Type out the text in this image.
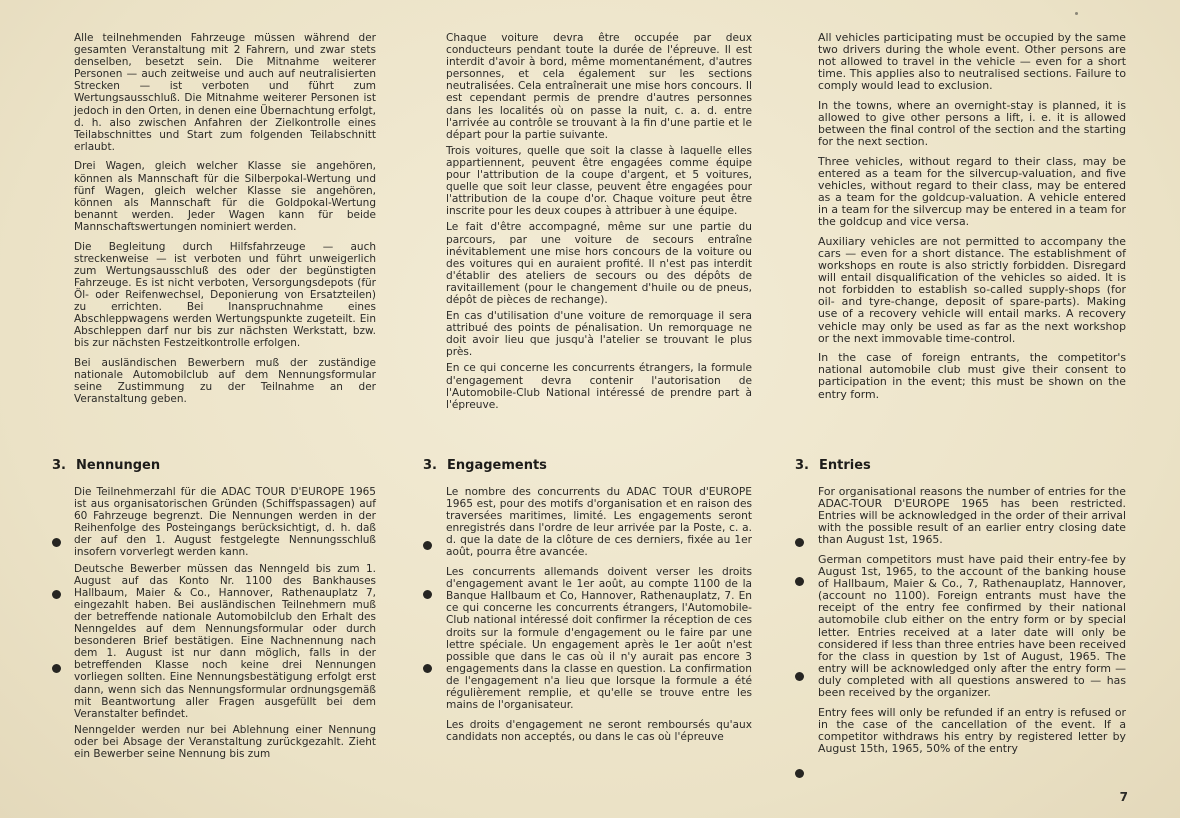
Alle teilnehmenden Fahrzeuge müssen während der gesamten Veranstaltung mit 2 Fahrern, und zwar stets denselben, besetzt sein. Die Mitnahme weiterer Personen — auch zeitweise und auch auf neutralisierten Strecken — ist verboten und führt zum Wertungsausschluß. Die Mitnahme weiterer Personen ist jedoch in den Orten, in denen eine Übernachtung erfolgt, d. h. also zwischen Anfahren der Zielkontrolle eines Teilabschnittes und Start zum folgenden Teilabschnitt erlaubt.

Drei Wagen, gleich welcher Klasse sie angehören, können als Mannschaft für die Silberpokal-Wertung und fünf Wagen, gleich welcher Klasse sie angehören, können als Mannschaft für die Goldpokal-Wertung benannt werden. Jeder Wagen kann für beide Mannschaftswertungen nominiert werden.

Die Begleitung durch Hilfsfahrzeuge — auch streckenweise — ist verboten und führt unweigerlich zum Wertungsausschluß des oder der begünstigten Fahrzeuge. Es ist nicht verboten, Versorgungsdepots (für Öl- oder Reifenwechsel, Deponierung von Ersatzteilen) zu errichten. Bei Inanspruchnahme eines Abschleppwagens werden Wertungspunkte zugeteilt. Ein Abschleppen darf nur bis zur nächsten Werkstatt, bzw. bis zur nächsten Festzeitkontrolle erfolgen.

Bei ausländischen Bewerbern muß der zuständige nationale Automobilclub auf dem Nennungsformular seine Zustimmung zu der Teilnahme an der Veranstaltung geben.

3. Nennungen

Die Teilnehmerzahl für die ADAC TOUR D'EUROPE 1965 ist aus organisatorischen Gründen (Schiffspassagen) auf 60 Fahrzeuge begrenzt. Die Nennungen werden in der Reihenfolge des Posteingangs berücksichtigt, d. h. daß der auf den 1. August festgelegte Nennungsschluß insofern vorverlegt werden kann.

Deutsche Bewerber müssen das Nenngeld bis zum 1. August auf das Konto Nr. 1100 des Bankhauses Hallbaum, Maier & Co., Hannover, Rathenauplatz 7, eingezahlt haben. Bei ausländischen Teilnehmern muß der betreffende nationale Automobilclub den Erhalt des Nenngeldes auf dem Nennungsformular oder durch besonderen Brief bestätigen. Eine Nachnennung nach dem 1. August ist nur dann möglich, falls in der betreffenden Klasse noch keine drei Nennungen vorliegen sollten. Eine Nennungsbestätigung erfolgt erst dann, wenn sich das Nennungsformular ordnungsgemäß mit Beantwortung aller Fragen ausgefüllt bei dem Veranstalter befindet.

Nenngelder werden nur bei Ablehnung einer Nennung oder bei Absage der Veranstaltung zurückgezahlt. Zieht ein Bewerber seine Nennung bis zum

Chaque voiture devra être occupée par deux conducteurs pendant toute la durée de l'épreuve. Il est interdit d'avoir à bord, même momentanément, d'autres personnes, et cela également sur les sections neutralisées. Cela entraînerait une mise hors concours. Il est cependant permis de prendre d'autres personnes dans les localités où on passe la nuit, c. a. d. entre l'arrivée au contrôle se trouvant à la fin d'une partie et le départ pour la partie suivante.

Trois voitures, quelle que soit la classe à laquelle elles appartiennent, peuvent être engagées comme équipe pour l'attribution de la coupe d'argent, et 5 voitures, quelle que soit leur classe, peuvent être engagées pour l'attribution de la coupe d'or. Chaque voiture peut être inscrite pour les deux coupes à attribuer à une équipe.

Le fait d'être accompagné, même sur une partie du parcours, par une voiture de secours entraîne inévitablement une mise hors concours de la voiture ou des voitures qui en auraient profité. Il n'est pas interdit d'établir des ateliers de secours ou des dépôts de ravitaillement (pour le changement d'huile ou de pneus, dépôt de pièces de rechange).

En cas d'utilisation d'une voiture de remorquage il sera attribué des points de pénalisation. Un remorquage ne doit avoir lieu que jusqu'à l'atelier se trouvant le plus près.

En ce qui concerne les concurrents étrangers, la formule d'engagement devra contenir l'autorisation de l'Automobile-Club National intéressé de prendre part à l'épreuve.

3. Engagements

Le nombre des concurrents du ADAC TOUR d'EUROPE 1965 est, pour des motifs d'organisation et en raison des traversées maritimes, limité. Les engagements seront enregistrés dans l'ordre de leur arrivée par la Poste, c. a. d. que la date de la clôture de ces derniers, fixée au 1er août, pourra être avancée.

Les concurrents allemands doivent verser les droits d'engagement avant le 1er août, au compte 1100 de la Banque Hallbaum et Co, Hannover, Rathenauplatz, 7. En ce qui concerne les concurrents étrangers, l'Automobile-Club national intéressé doit confirmer la réception de ces droits sur la formule d'engagement ou le faire par une lettre spéciale. Un engagement après le 1er août n'est possible que dans le cas où il n'y aurait pas encore 3 engagements dans la classe en question. La confirmation de l'engagement n'a lieu que lorsque la formule a été régulièrement remplie, et qu'elle se trouve entre les mains de l'organisateur.

Les droits d'engagement ne seront remboursés qu'aux candidats non acceptés, ou dans le cas où l'épreuve

All vehicles participating must be occupied by the same two drivers during the whole event. Other persons are not allowed to travel in the vehicle — even for a short time. This applies also to neutralised sections. Failure to comply would lead to exclusion.

In the towns, where an overnight-stay is planned, it is allowed to give other persons a lift, i. e. it is allowed between the final control of the section and the starting for the next section.

Three vehicles, without regard to their class, may be entered as a team for the silvercup-valuation, and five vehicles, without regard to their class, may be entered as a team for the goldcup-valuation. A vehicle entered in a team for the silvercup may be entered in a team for the goldcup and vice versa.

Auxiliary vehicles are not permitted to accompany the cars — even for a short distance. The establishment of workshops en route is also strictly forbidden. Disregard will entail disqualification of the vehicles so aided. It is not forbidden to establish so-called supply-shops (for oil- and tyre-change, deposit of spare-parts). Making use of a recovery vehicle will entail marks. A recovery vehicle may only be used as far as the next workshop or the next immovable time-control.

In the case of foreign entrants, the competitor's national automobile club must give their consent to participation in the event; this must be shown on the entry form.

3. Entries

For organisational reasons the number of entries for the ADAC-TOUR D'EUROPE 1965 has been restricted. Entries will be acknowledged in the order of their arrival with the possible result of an earlier entry closing date than August 1st, 1965.

German competitors must have paid their entry-fee by August 1st, 1965, to the account of the banking house of Hallbaum, Maier & Co., 7, Rathenauplatz, Hannover, (account no 1100). Foreign entrants must have the receipt of the entry fee confirmed by their national automobile club either on the entry form or by special letter. Entries received at a later date will only be considered if less than three entries have been received for the class in question by 1st of August, 1965. The entry will be acknowledged only after the entry form — duly completed with all questions answered to — has been received by the organizer.

Entry fees will only be refunded if an entry is refused or in the case of the cancellation of the event. If a competitor withdraws his entry by registered letter by August 15th, 1965, 50% of the entry

7
